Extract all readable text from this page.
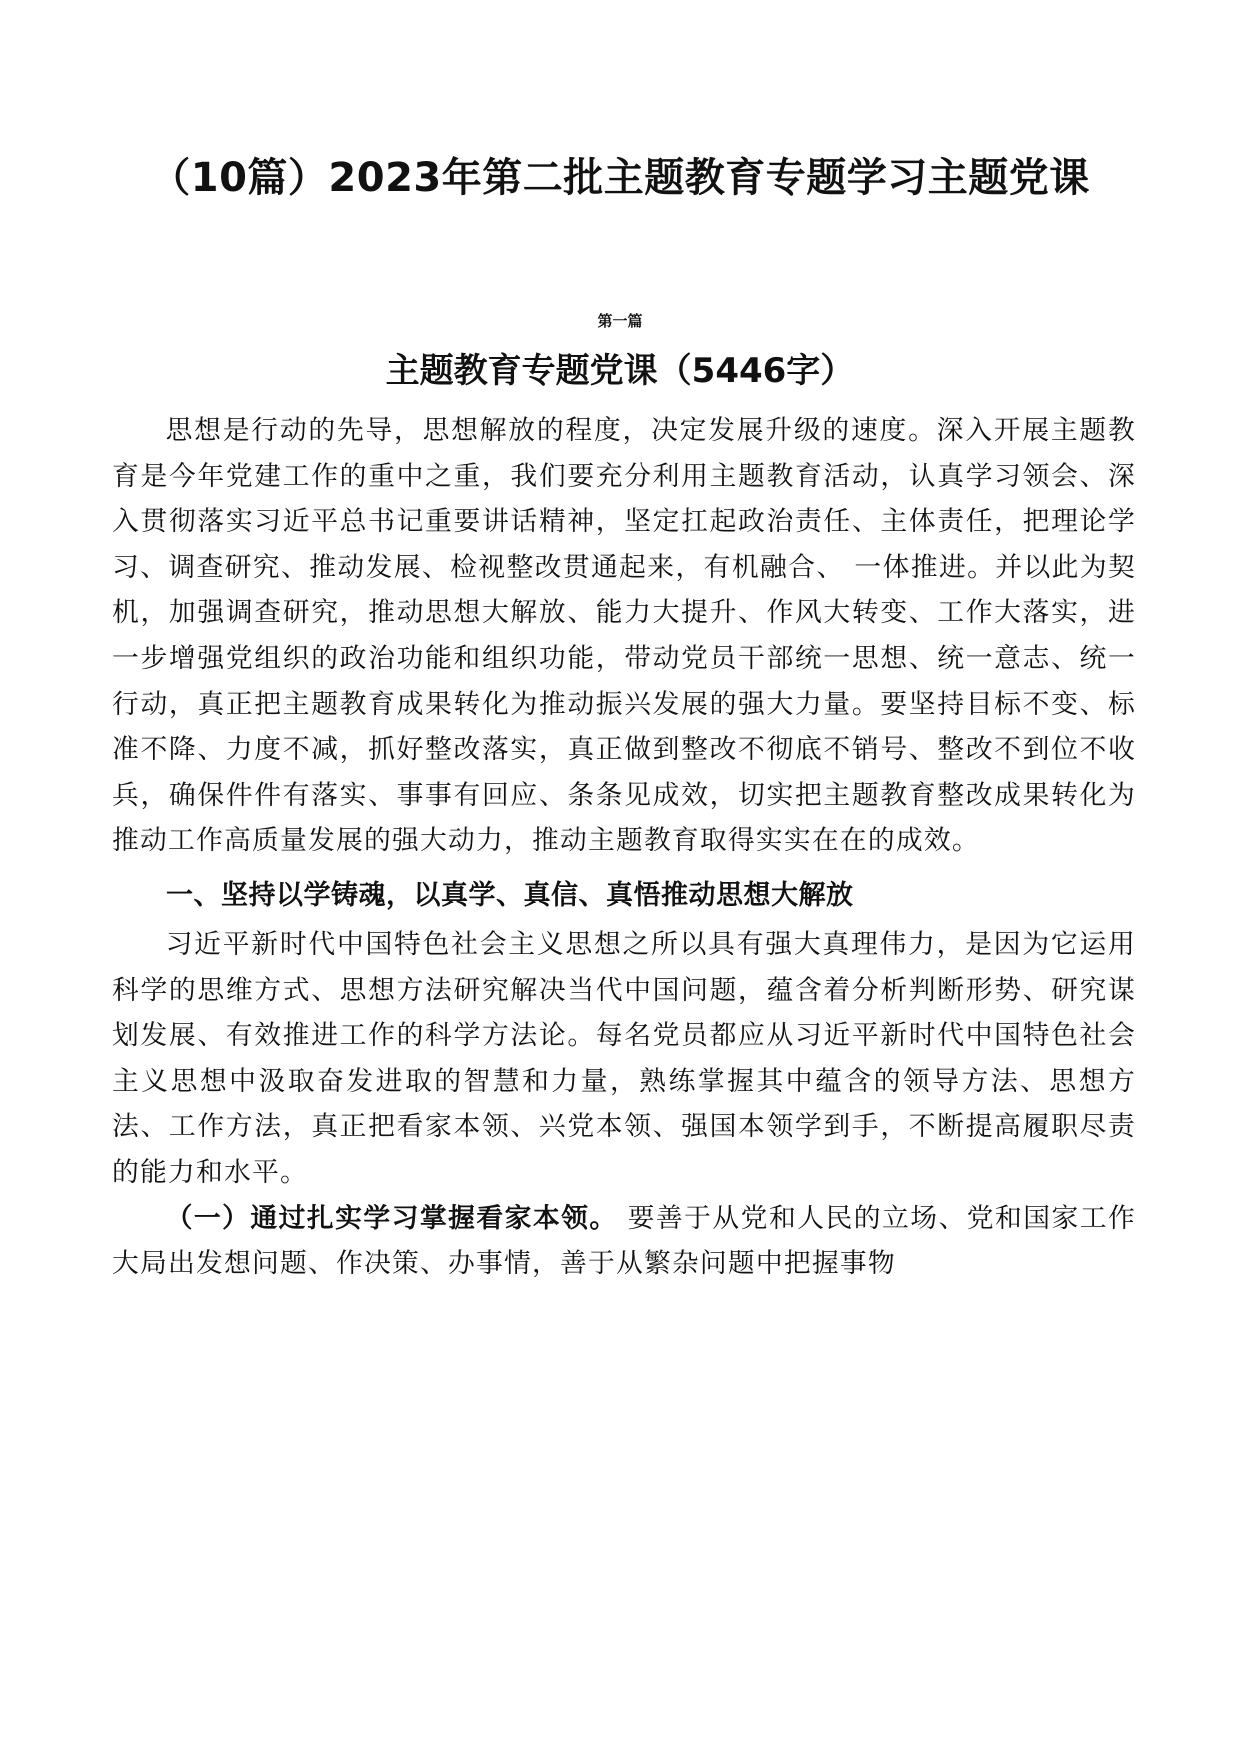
（10篇）2023年第二批主题教育专题学习主题党课
第一篇
主题教育专题党课（5446字）

思想是行动的先导，思想解放的程度，决定发展升级的速度。深入开展主题教育是今年党建工作的重中之重，我们要充分利用主题教育活动，认真学习领会、深入贯彻落实习近平总书记重要讲话精神，坚定扛起政治责任、主体责任，把理论学习、调查研究、推动发展、检视整改贯通起来，有机融合、 一体推进。并以此为契机，加强调查研究，推动思想大解放、能力大提升、作风大转变、工作大落实，进一步增强党组织的政治功能和组织功能，带动党员干部统一思想、统一意志、统一行动，真正把主题教育成果转化为推动振兴发展的强大力量。要坚持目标不变、标准不降、力度不减，抓好整改落实，真正做到整改不彻底不销号、整改不到位不收兵，确保件件有落实、事事有回应、条条见成效，切实把主题教育整改成果转化为推动工作高质量发展的强大动力，推动主题教育取得实实在在的成效。

一、坚持以学铸魂，以真学、真信、真悟推动思想大解放

习近平新时代中国特色社会主义思想之所以具有强大真理伟力，是因为它运用科学的思维方式、思想方法研究解决当代中国问题，蕴含着分析判断形势、研究谋划发展、有效推进工作的科学方法论。每名党员都应从习近平新时代中国特色社会主义思想中汲取奋发进取的智慧和力量，熟练掌握其中蕴含的领导方法、思想方法、工作方法，真正把看家本领、兴党本领、强国本领学到手，不断提高履职尽责的能力和水平。

（一）通过扎实学习掌握看家本领。 要善于从党和人民的立场、党和国家工作大局出发想问题、作决策、办事情，善于从繁杂问题中把握事物
